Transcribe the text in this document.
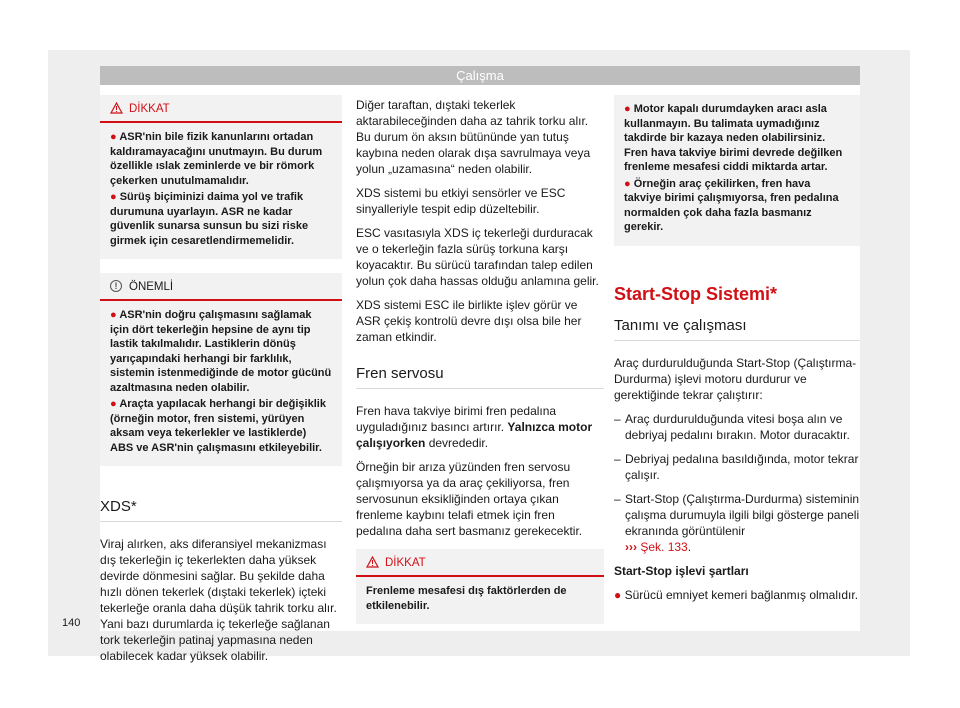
Çalışma
DİKKAT

● ASR'nin bile fizik kanunlarını ortadan kaldıramayacağını unutmayın. Bu durum özellikle ıslak zeminlerde ve bir römork çekerken unutulmamalıdır.

● Sürüş biçiminizi daima yol ve trafik durumuna uyarlayın. ASR ne kadar güvenlik sunarsa sunsun bu sizi riske girmek için cesaretlendirmemelidir.

!	ÖNEMLİ

● ASR'nin doğru çalışmasını sağlamak için dört tekerleğin hepsine de aynı tip lastik takılmalıdır. Lastiklerin dönüş yarıçapındaki herhangi bir farklılık, sistemin istenmediğinde de motor gücünü azaltmasına neden olabilir.

● Araçta yapılacak herhangi bir değişiklik (örneğin motor, fren sistemi, yürüyen aksam veya tekerlekler ve lastiklerde) ABS ve ASR'nin çalışmasını etkileyebilir.

XDS*

Viraj alırken, aks diferansiyel mekanizması dış tekerleğin iç tekerlekten daha yüksek devirde dönmesini sağlar. Bu şekilde daha hızlı dönen tekerlek (dıştaki tekerlek) içteki tekerleğe oranla daha düşük tahrik torku alır. Yani bazı durumlarda iç tekerleğe sağlanan tork tekerleğin patinaj yapmasına neden olabilecek kadar yüksek olabilir.

Diğer taraftan, dıştaki tekerlek aktarabileceğinden daha az tahrik torku alır. Bu durum ön aksın bütününde yan tutuş kaybına neden olarak dışa savrulmaya veya yolun „uzamasına“ neden olabilir.

XDS sistemi bu etkiyi sensörler ve ESC sinyalleriyle tespit edip düzeltebilir.

ESC vasıtasıyla XDS iç tekerleği durduracak ve o tekerleğin fazla sürüş torkuna karşı koyacaktır. Bu sürücü tarafından talep edilen yolun çok daha hassas olduğu anlamına gelir.

XDS sistemi ESC ile birlikte işlev görür ve ASR çekiş kontrolü devre dışı olsa bile her zaman etkindir.

Fren servosu

Fren hava takviye birimi fren pedalına uyguladığınız basıncı artırır. Yalnızca motor çalışıyorken devrededir.

Örneğin bir arıza yüzünden fren servosu çalışmıyorsa ya da araç çekiliyorsa, fren servosunun eksikliğinden ortaya çıkan frenleme kaybını telafi etmek için fren pedalına daha sert basmanız gerekecektir.

DİKKAT

Frenleme mesafesi dış faktörlerden de etkilenebilir.

● Motor kapalı durumdayken aracı asla kullanmayın. Bu talimata uymadığınız takdirde bir kazaya neden olabilirsiniz. Fren hava takviye birimi devrede değilken frenleme mesafesi ciddi miktarda artar.

● Örneğin araç çekilirken, fren hava takviye birimi çalışmıyorsa, fren pedalına normalden çok daha fazla basmanız gerekir.

Start-Stop Sistemi*
Tanımı ve çalışması

Araç durdurulduğunda Start-Stop (Çalıştırma-Durdurma) işlevi motoru durdurur ve gerektiğinde tekrar çalıştırır:

– Araç durdurulduğunda vitesi boşa alın ve debriyaj pedalını bırakın. Motor duracaktır.
– Debriyaj pedalına basıldığında, motor tekrar çalışır.
– Start-Stop (Çalıştırma-Durdurma) sisteminin çalışma durumuyla ilgili bilgi göstergе paneli ekranında görüntülenir
››› Şek. 133.

Start-Stop işlevi şartları

● Sürücü emniyet kemeri bağlanmış olmalıdır.

140
